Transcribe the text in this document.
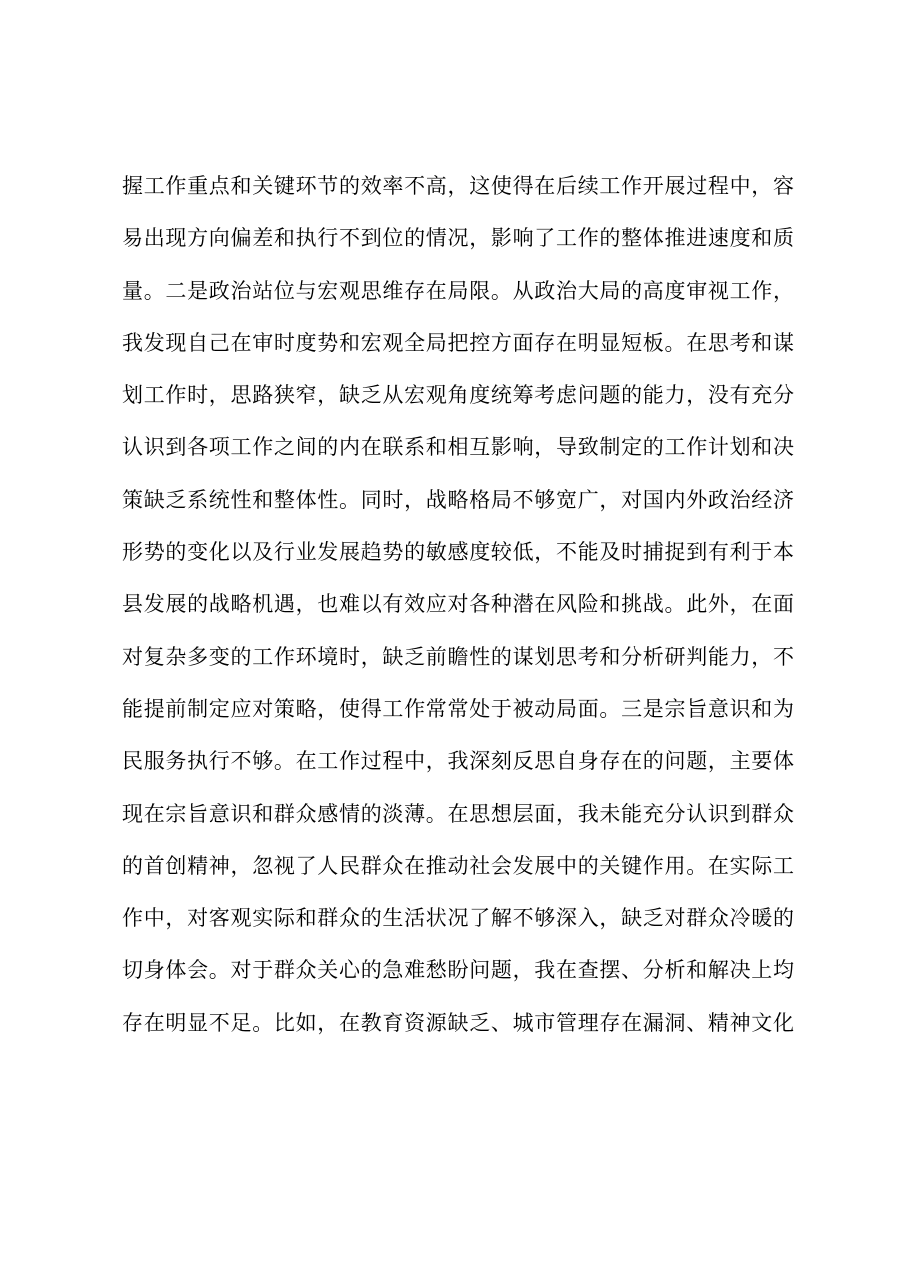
握工作重点和关键环节的效率不高，这使得在后续工作开展过程中，容
易出现方向偏差和执行不到位的情况，影响了工作的整体推进速度和质
量。二是政治站位与宏观思维存在局限。从政治大局的高度审视工作，
我发现自己在审时度势和宏观全局把控方面存在明显短板。在思考和谋
划工作时，思路狭窄，缺乏从宏观角度统筹考虑问题的能力，没有充分
认识到各项工作之间的内在联系和相互影响，导致制定的工作计划和决
策缺乏系统性和整体性。同时，战略格局不够宽广，对国内外政治经济
形势的变化以及行业发展趋势的敏感度较低，不能及时捕捉到有利于本
县发展的战略机遇，也难以有效应对各种潜在风险和挑战。此外，在面
对复杂多变的工作环境时，缺乏前瞻性的谋划思考和分析研判能力，不
能提前制定应对策略，使得工作常常处于被动局面。三是宗旨意识和为
民服务执行不够。在工作过程中，我深刻反思自身存在的问题，主要体
现在宗旨意识和群众感情的淡薄。在思想层面，我未能充分认识到群众
的首创精神，忽视了人民群众在推动社会发展中的关键作用。在实际工
作中，对客观实际和群众的生活状况了解不够深入，缺乏对群众冷暖的
切身体会。对于群众关心的急难愁盼问题，我在查摆、分析和解决上均
存在明显不足。比如，在教育资源缺乏、城市管理存在漏洞、精神文化
